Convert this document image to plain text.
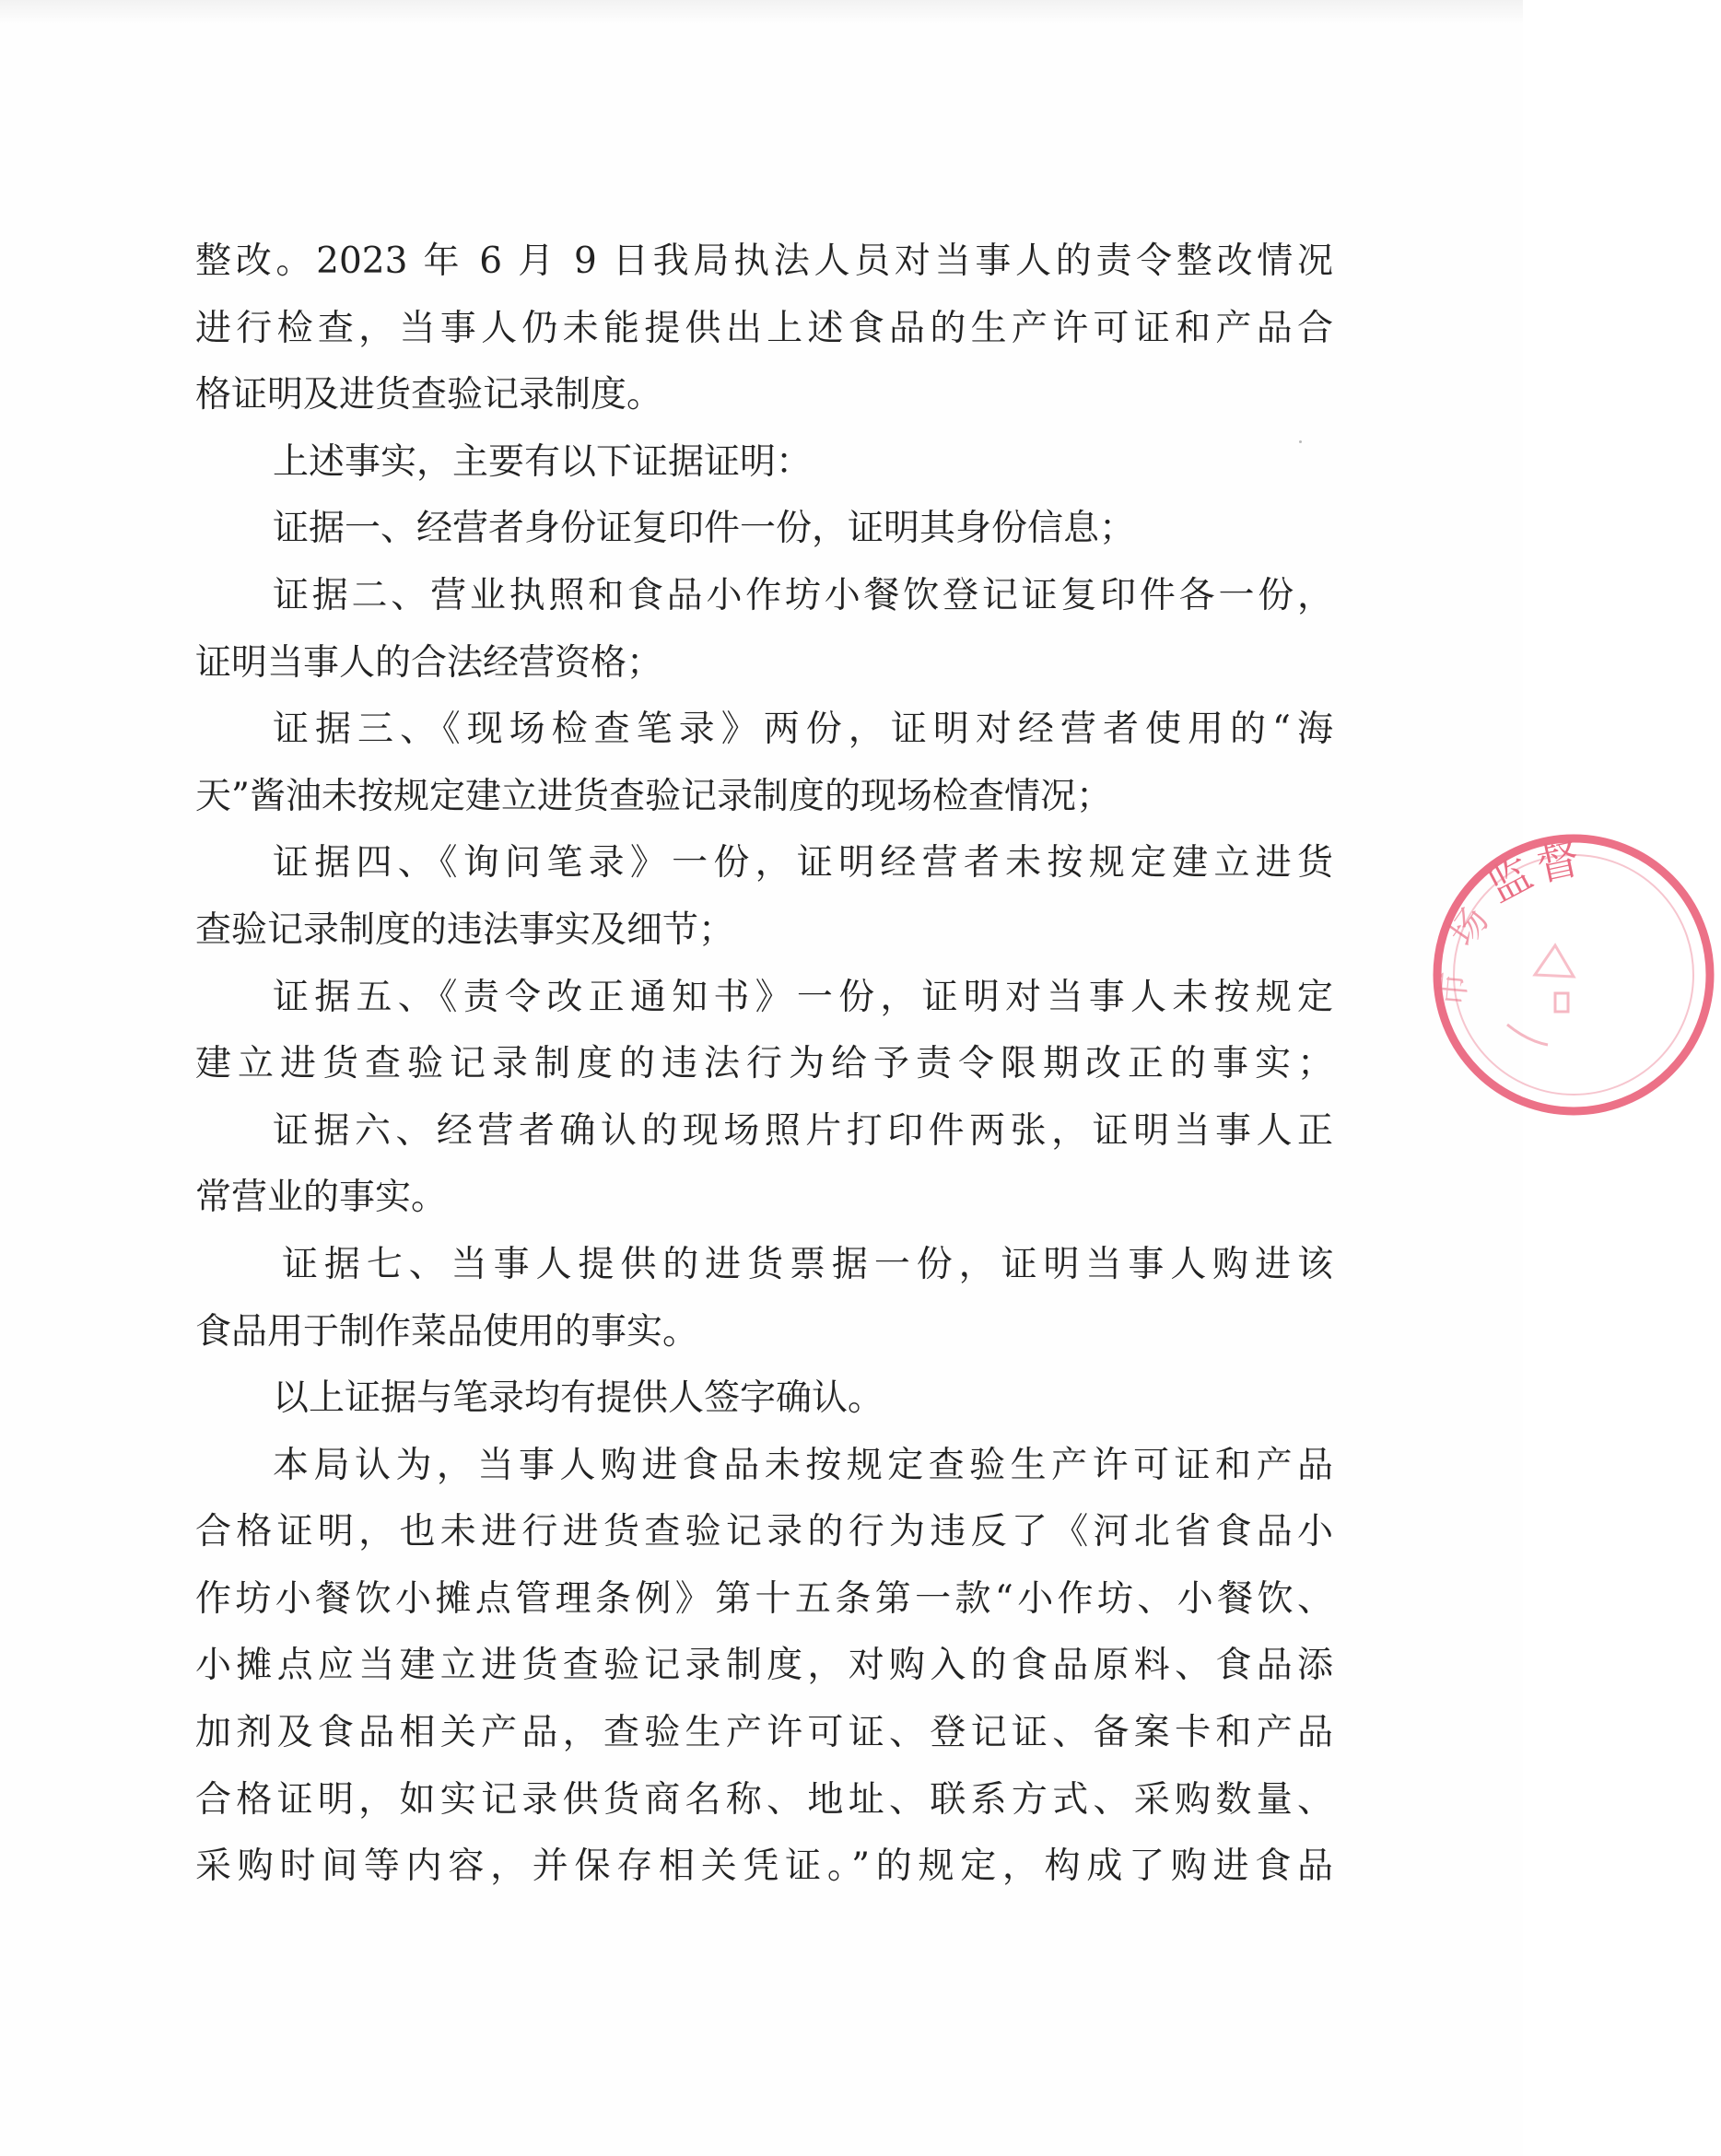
整改。2023 年 6 月 9 日我局执法人员对当事人的责令整改情况
进行检查，当事人仍未能提供出上述食品的生产许可证和产品合
格证明及进货查验记录制度。
上述事实，主要有以下证据证明：
证据一、经营者身份证复印件一份，证明其身份信息；
证据二、营业执照和食品小作坊小餐饮登记证复印件各一份，
证明当事人的合法经营资格；
证据三、《现场检查笔录》两份，证明对经营者使用的“海
天”酱油未按规定建立进货查验记录制度的现场检查情况；
证据四、《询问笔录》一份，证明经营者未按规定建立进货
查验记录制度的违法事实及细节；
证据五、《责令改正通知书》一份，证明对当事人未按规定
建立进货查验记录制度的违法行为给予责令限期改正的事实；
证据六、经营者确认的现场照片打印件两张，证明当事人正
常营业的事实。
证据七、当事人提供的进货票据一份，证明当事人购进该
食品用于制作菜品使用的事实。
以上证据与笔录均有提供人签字确认。
本局认为，当事人购进食品未按规定查验生产许可证和产品
合格证明，也未进行进货查验记录的行为违反了《河北省食品小
作坊小餐饮小摊点管理条例》第十五条第一款“小作坊、小餐饮、
小摊点应当建立进货查验记录制度，对购入的食品原料、食品添
加剂及食品相关产品，查验生产许可证、登记证、备案卡和产品
合格证明，如实记录供货商名称、地址、联系方式、采购数量、
采购时间等内容，并保存相关凭证。”的规定，构成了购进食品
监
督
场
市
